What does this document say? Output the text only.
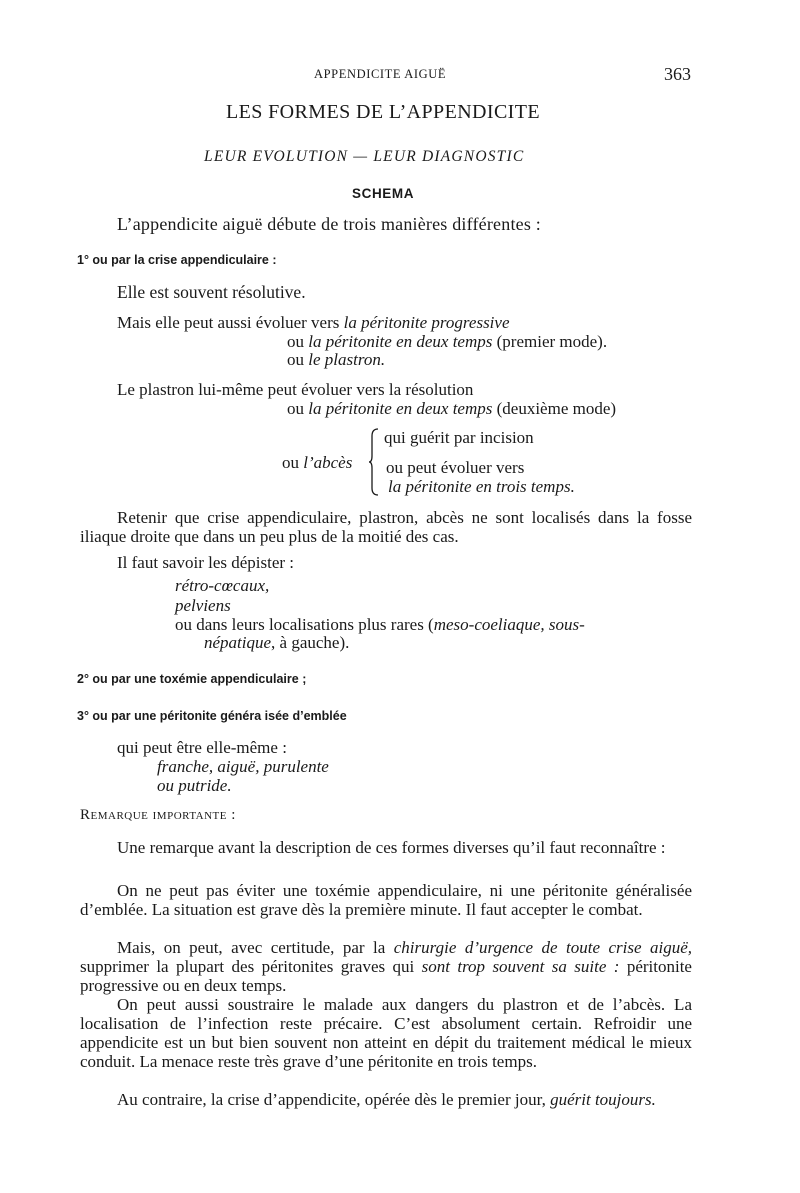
APPENDICITE AIGUË	363
LES FORMES DE L’APPENDICITE
LEUR EVOLUTION — LEUR DIAGNOSTIC
SCHEMA
L’appendicite aiguë débute de trois manières différentes :
1° ou par la crise appendiculaire :
Elle est souvent résolutive.
Mais elle peut aussi évoluer vers la péritonite progressive
ou la péritonite en deux temps (premier mode).
ou le plastron.
Le plastron lui-même peut évoluer vers la résolution
ou la péritonite en deux temps (deuxième mode)
ou l’abcès
qui guérit par incision
ou peut évoluer vers
la péritonite en trois temps.
Retenir que crise appendiculaire, plastron, abcès ne sont localisés dans la fosse iliaque droite que dans un peu plus de la moitié des cas.
Il faut savoir les dépister :
rétro-cœcaux,
pelviens
ou dans leurs localisations plus rares (meso-coeliaque, sous-
népatique, à gauche).
2° ou par une toxémie appendiculaire ;
3° ou par une péritonite généra isée d’emblée
qui peut être elle-même :
franche, aiguë, purulente
ou putride.
Remarque importante :
Une remarque avant la description de ces formes diverses qu’il faut reconnaître :
On ne peut pas éviter une toxémie appendiculaire, ni une péritonite généralisée d’emblée. La situation est grave dès la première minute. Il faut accepter le combat.
Mais, on peut, avec certitude, par la chirurgie d’urgence de toute crise aiguë, supprimer la plupart des péritonites graves qui sont trop souvent sa suite : péritonite progressive ou en deux temps.
On peut aussi soustraire le malade aux dangers du plastron et de l’abcès. La localisation de l’infection reste précaire. C’est absolument certain. Refroidir une appendicite est un but bien souvent non atteint en dépit du traitement médical le mieux conduit. La menace reste très grave d’une péritonite en trois temps.
Au contraire, la crise d’appendicite, opérée dès le premier jour, guérit toujours.
